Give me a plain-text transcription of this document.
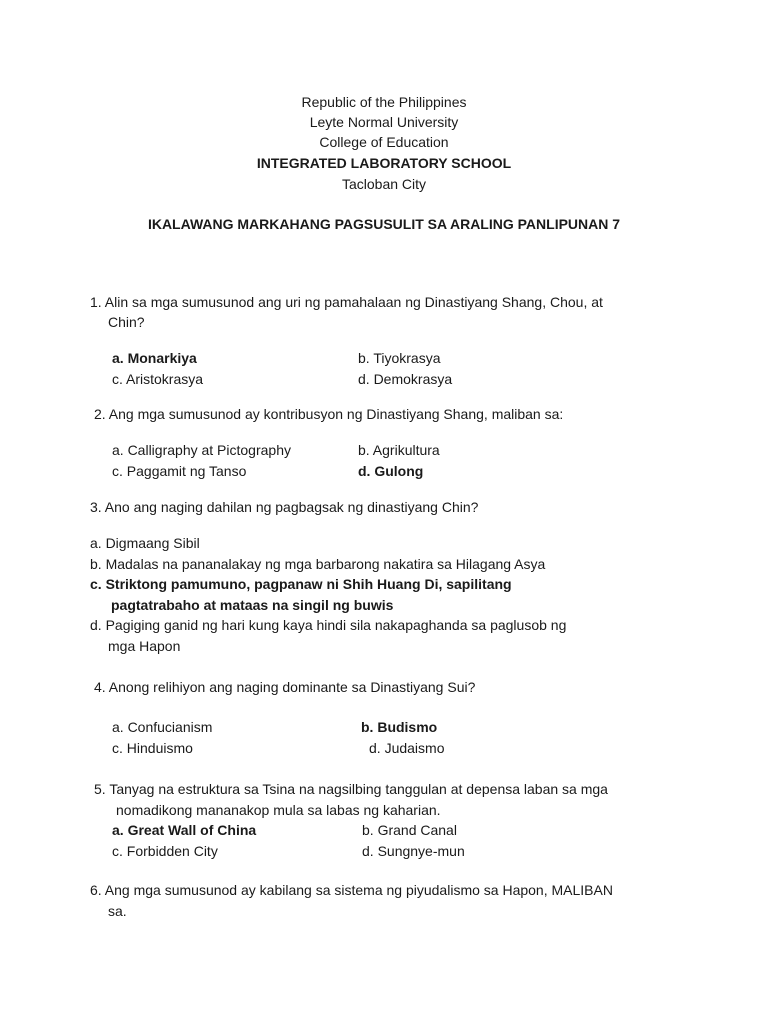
Republic of the Philippines
Leyte Normal University
College of Education
INTEGRATED LABORATORY SCHOOL
Tacloban City
IKALAWANG MARKAHANG PAGSUSULIT SA ARALING PANLIPUNAN 7
1. Alin sa mga sumusunod ang uri ng pamahalaan ng Dinastiyang Shang, Chou, at
Chin?
a. Monarkiya	b. Tiyokrasya
c. Aristokrasya	d. Demokrasya
2. Ang mga sumusunod ay kontribusyon ng Dinastiyang Shang, maliban sa:
a. Calligraphy at Pictography	b. Agrikultura
c. Paggamit ng Tanso	d. Gulong
3. Ano ang naging dahilan ng pagbagsak ng dinastiyang Chin?
a. Digmaang Sibil
b. Madalas na pananalakay ng mga barbarong nakatira sa Hilagang Asya
c. Striktong pamumuno, pagpanaw ni Shih Huang Di, sapilitang
pagtatrabaho at mataas na singil ng buwis
d. Pagiging ganid ng hari kung kaya hindi sila nakapaghanda sa paglusob ng
mga Hapon
4. Anong relihiyon ang naging dominante sa Dinastiyang Sui?
a. Confucianism	b. Budismo
c. Hinduismo	d. Judaismo
5. Tanyag na estruktura sa Tsina na nagsilbing tanggulan at depensa laban sa mga
nomadikong mananakop mula sa labas ng kaharian.
a. Great Wall of China	b. Grand Canal
c. Forbidden City	d. Sungnye-mun
6. Ang mga sumusunod ay kabilang sa sistema ng piyudalismo sa Hapon, MALIBAN
sa.
